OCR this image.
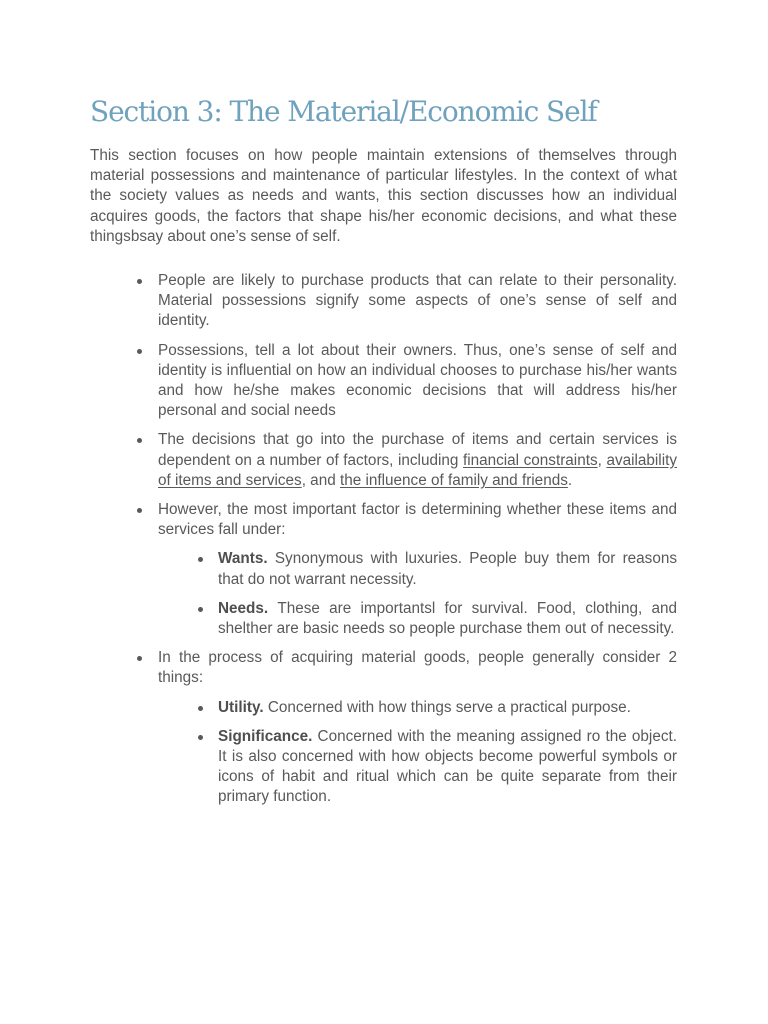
Section 3: The Material/Economic Self

This section focuses on how people maintain extensions of themselves through material possessions and maintenance of particular lifestyles. In the context of what the society values as needs and wants, this section discusses how an individual acquires goods, the factors that shape his/her economic decisions, and what these thingsbsay about one’s sense of self.

People are likely to purchase products that can relate to their personality. Material possessions signify some aspects of one’s sense of self and identity.
Possessions, tell a lot about their owners. Thus, one’s sense of self and identity is influential on how an individual chooses to purchase his/her wants and how he/she makes economic decisions that will address his/her personal and social needs
The decisions that go into the purchase of items and certain services is dependent on a number of factors, including financial constraints, availability of items and services, and the influence of family and friends.
However, the most important factor is determining whether these items and services fall under:
Wants. Synonymous with luxuries. People buy them for reasons that do not warrant necessity.
Needs. These are importantsl for survival. Food, clothing, and shelther are basic needs so people purchase them out of necessity.
In the process of acquiring material goods, people generally consider 2 things:
Utility. Concerned with how things serve a practical purpose.
Significance. Concerned with the meaning assigned ro the object. It is also concerned with how objects become powerful symbols or icons of habit and ritual which can be quite separate from their primary function.
